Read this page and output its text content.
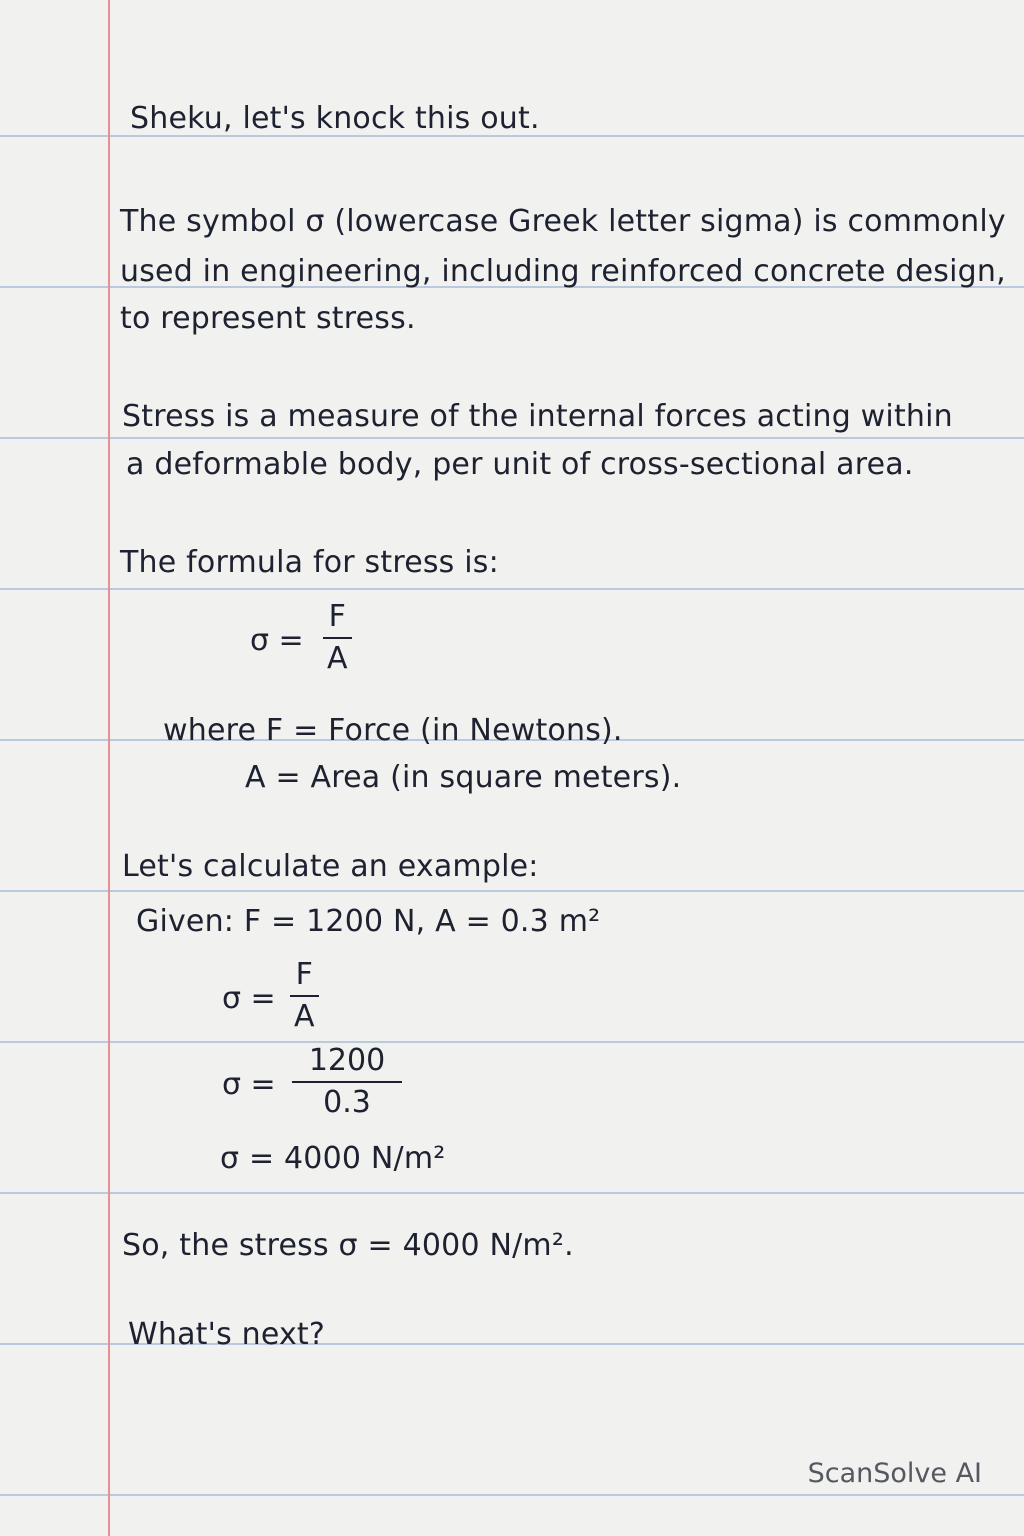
Sheku, let's knock this out.
The symbol σ (lowercase Greek letter sigma) is commonly
used in engineering, including reinforced concrete design,
to represent stress.
Stress is a measure of the internal forces acting within
a deformable body, per unit of cross-sectional area.
The formula for stress is:
σ =
F
A
where F = Force (in Newtons).
A = Area (in square meters).
Let's calculate an example:
Given: F = 1200 N, A = 0.3 m²
σ =
F
A
σ =
1200
0.3
σ = 4000 N/m²
So, the stress σ = 4000 N/m².
What's next?
ScanSolve AI
